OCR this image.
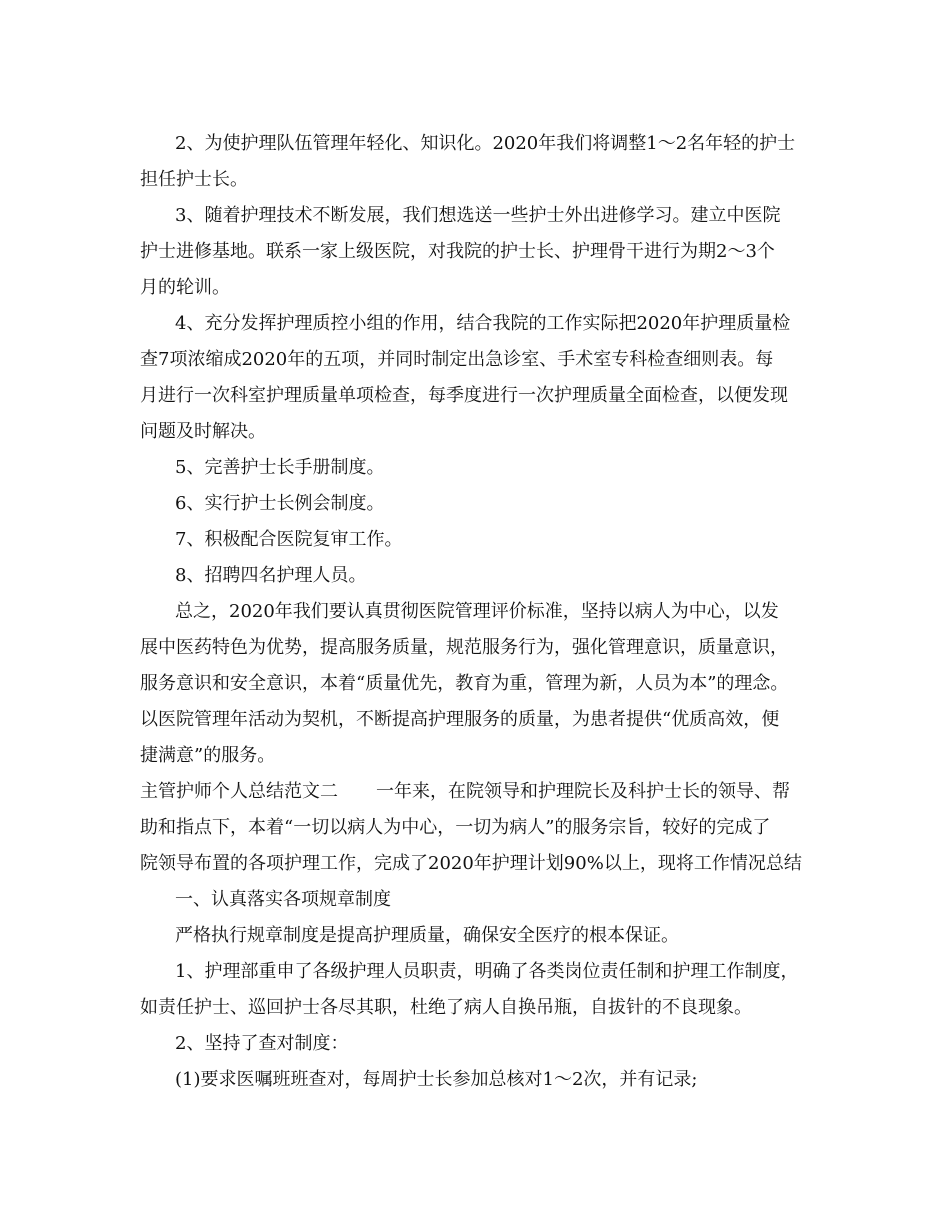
2、为使护理队伍管理年轻化、知识化。2020年我们将调整1～2名年轻的护士
担任护士长。
3、随着护理技术不断发展，我们想选送一些护士外出进修学习。建立中医院
护士进修基地。联系一家上级医院，对我院的护士长、护理骨干进行为期2～3个
月的轮训。
4、充分发挥护理质控小组的作用，结合我院的工作实际把2020年护理质量检
查7项浓缩成2020年的五项，并同时制定出急诊室、手术室专科检查细则表。每
月进行一次科室护理质量单项检查，每季度进行一次护理质量全面检查，以便发现
问题及时解决。
5、完善护士长手册制度。
6、实行护士长例会制度。
7、积极配合医院复审工作。
8、招聘四名护理人员。
总之，2020年我们要认真贯彻医院管理评价标准，坚持以病人为中心，以发
展中医药特色为优势，提高服务质量，规范服务行为，强化管理意识，质量意识，
服务意识和安全意识，本着“质量优先，教育为重，管理为新，人员为本”的理念。
以医院管理年活动为契机，不断提高护理服务的质量，为患者提供“优质高效，便
捷满意”的服务。
主管护师个人总结范文二 一年来，在院领导和护理院长及科护士长的领导、帮
助和指点下，本着“一切以病人为中心，一切为病人”的服务宗旨，较好的完成了
院领导布置的各项护理工作，完成了2020年护理计划90%以上，现将工作情况总结
一、认真落实各项规章制度
严格执行规章制度是提高护理质量，确保安全医疗的根本保证。
1、护理部重申了各级护理人员职责，明确了各类岗位责任制和护理工作制度，
如责任护士、巡回护士各尽其职，杜绝了病人自换吊瓶，自拔针的不良现象。
2、坚持了查对制度：
(1)要求医嘱班班查对，每周护士长参加总核对1～2次，并有记录;
